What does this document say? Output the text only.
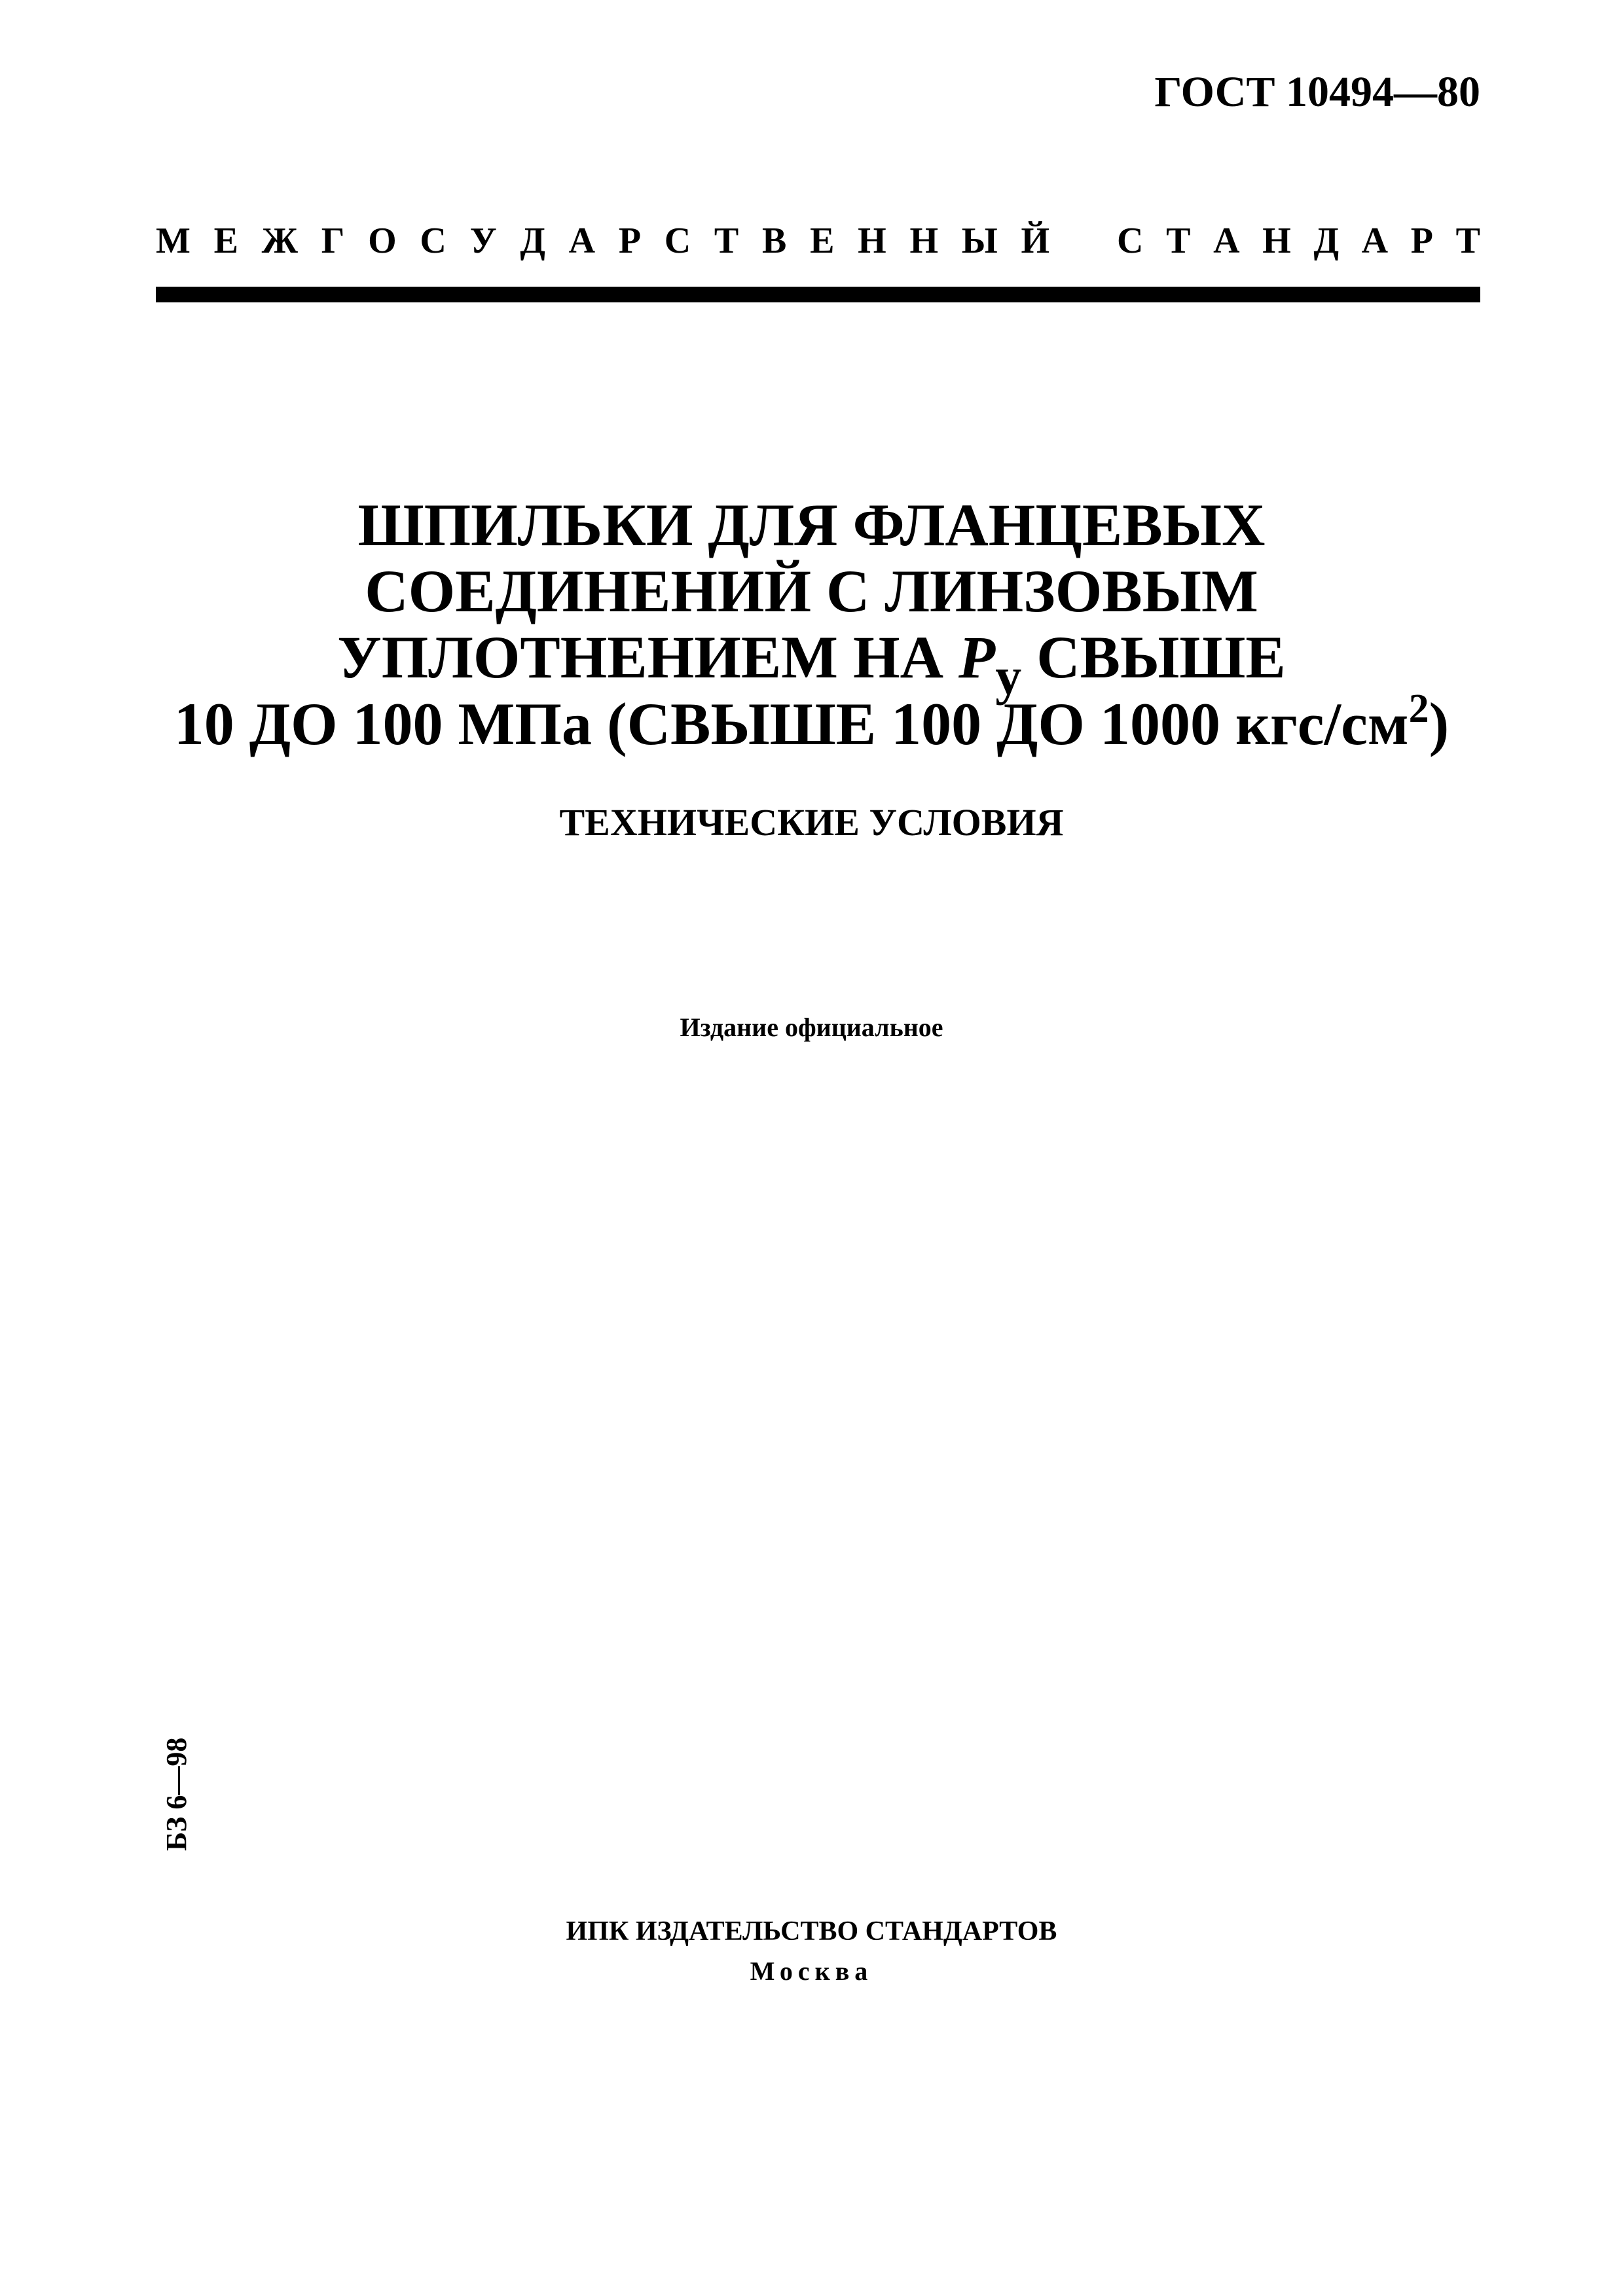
ГОСТ 10494—80
М Е Ж Г О С У Д А Р С Т В Е Н Н Ы Й С Т А Н Д А Р Т
ШПИЛЬКИ ДЛЯ ФЛАНЦЕВЫХ
СОЕДИНЕНИЙ С ЛИНЗОВЫМ
УПЛОТНЕНИЕМ НА Pу СВЫШЕ
10 ДО 100 МПа (СВЫШЕ 100 ДО 1000 кгс/$см^2$)
ТЕХНИЧЕСКИЕ УСЛОВИЯ
Издание официальное
БЗ 6—98
ИПК ИЗДАТЕЛЬСТВО СТАНДАРТОВ
Москва
